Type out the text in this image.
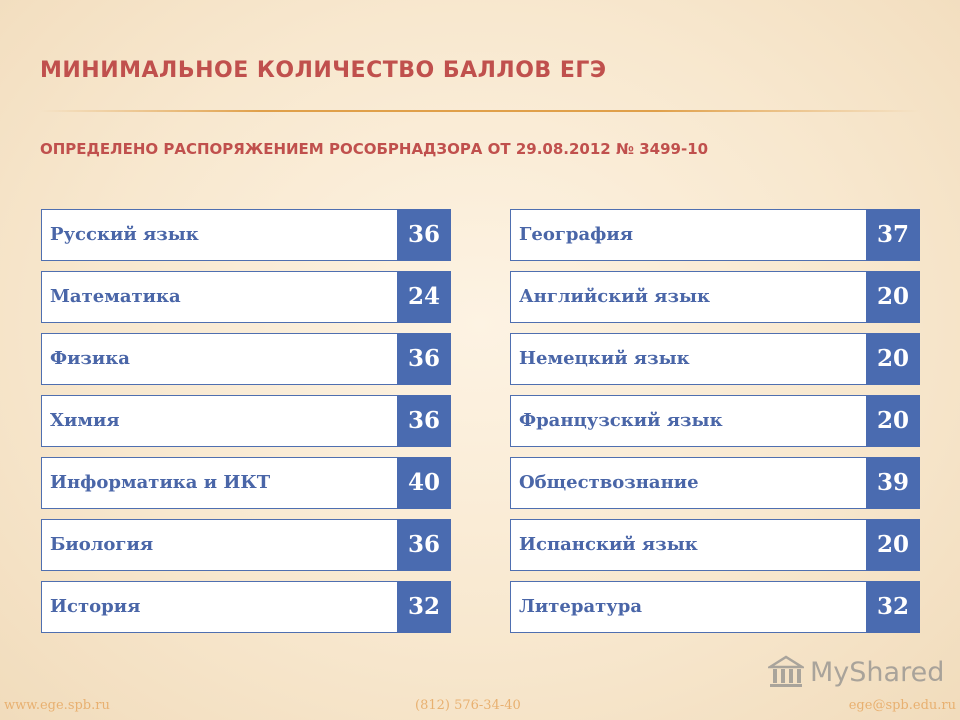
МИНИМАЛЬНОЕ КОЛИЧЕСТВО БАЛЛОВ ЕГЭ
ОПРЕДЕЛЕНО РАСПОРЯЖЕНИЕМ РОСОБРНАДЗОРА ОТ 29.08.2012 № 3499-10
Русский язык	36
Математика	24
Физика	36
Химия	36
Информатика и ИКТ	40
Биология	36
История	32
География	37
Английский язык	20
Немецкий язык	20
Французский язык	20
Обществознание	39
Испанский язык	20
Литература	32
MyShared
www.ege.spb.ru	(812) 576-34-40	ege@spb.edu.ru
